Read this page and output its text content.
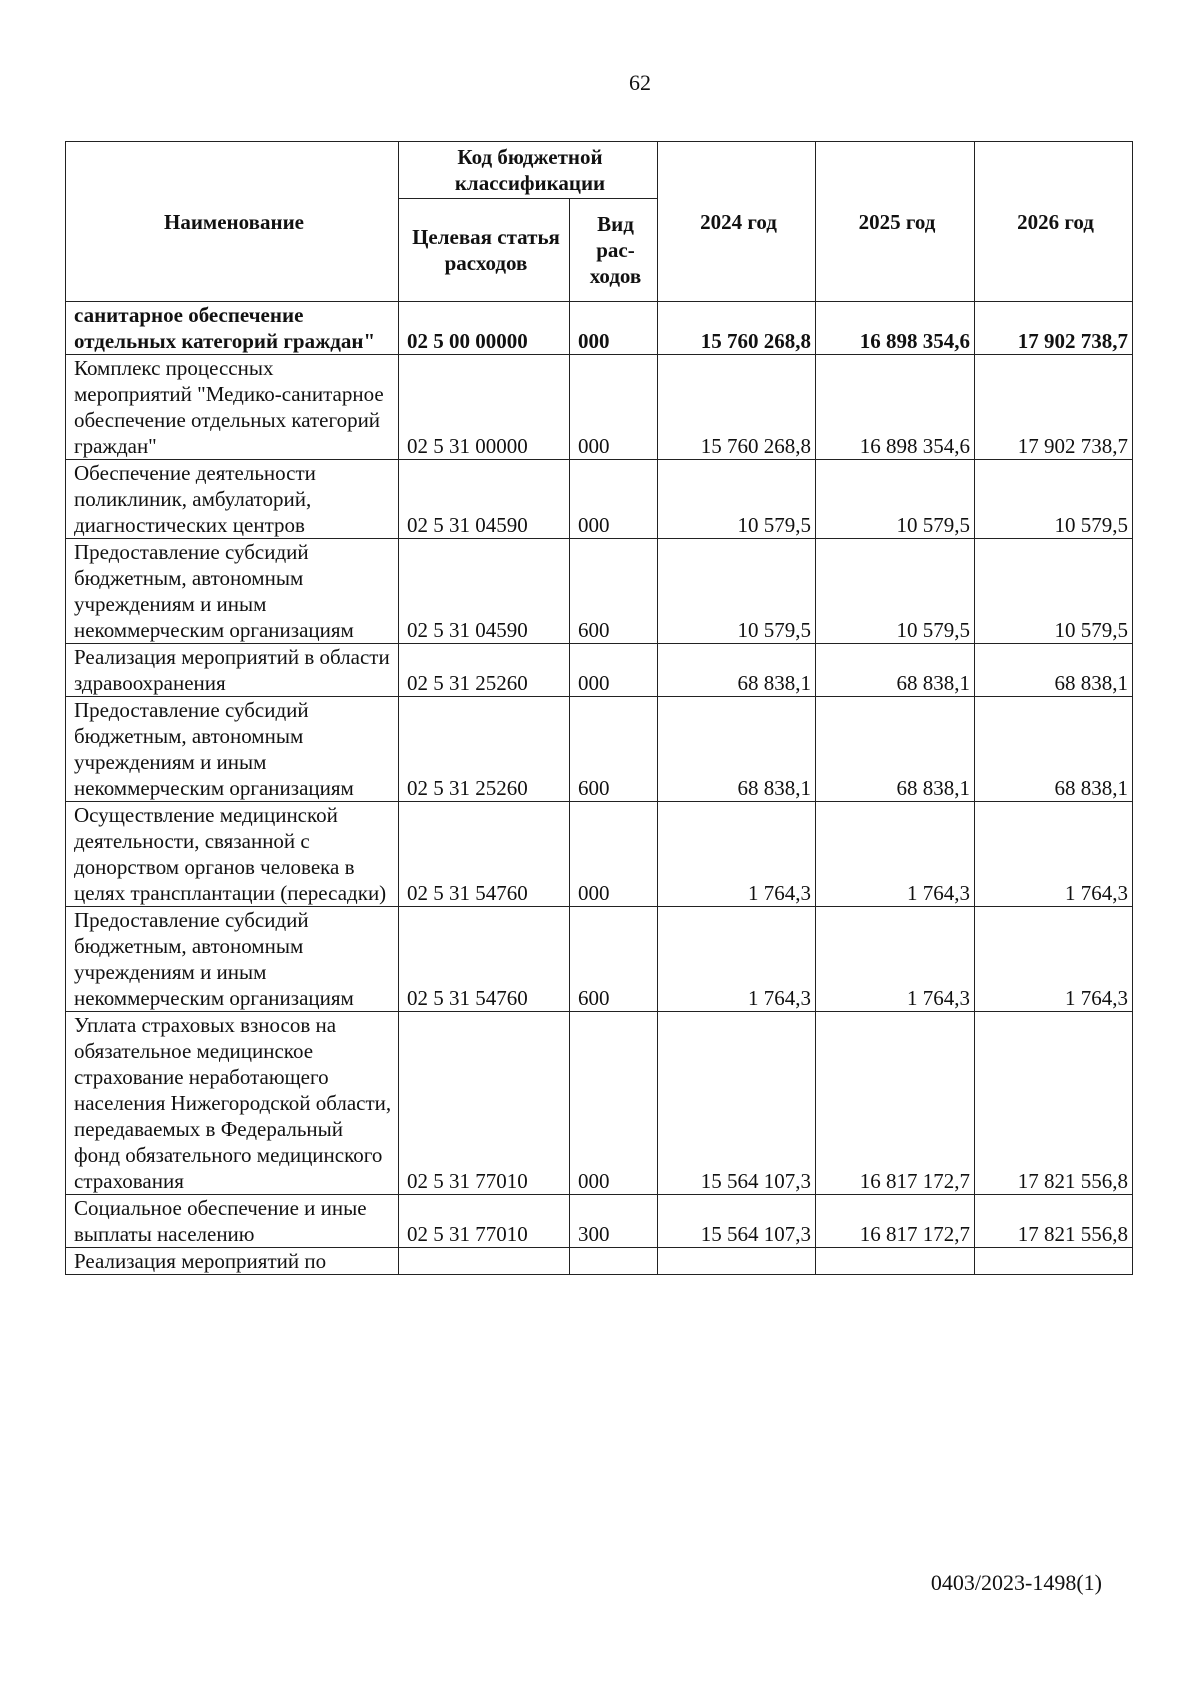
62
Наименование	Код бюджетной классификации		2024 год	2025 год	2026 год
	Целевая статья расходов	Вид рас-ходов			
санитарное обеспечение отдельных категорий граждан"	02 5 00 00000	000	15 760 268,8	16 898 354,6	17 902 738,7
Комплекс процессных мероприятий "Медико-санитарное обеспечение отдельных категорий граждан"	02 5 31 00000	000	15 760 268,8	16 898 354,6	17 902 738,7
Обеспечение деятельности поликлиник, амбулаторий, диагностических центров	02 5 31 04590	000	10 579,5	10 579,5	10 579,5
Предоставление субсидий бюджетным, автономным учреждениям и иным некоммерческим организациям	02 5 31 04590	600	10 579,5	10 579,5	10 579,5
Реализация мероприятий в области здравоохранения	02 5 31 25260	000	68 838,1	68 838,1	68 838,1
Предоставление субсидий бюджетным, автономным учреждениям и иным некоммерческим организациям	02 5 31 25260	600	68 838,1	68 838,1	68 838,1
Осуществление медицинской деятельности, связанной с донорством органов человека в целях трансплантации (пересадки)	02 5 31 54760	000	1 764,3	1 764,3	1 764,3
Предоставление субсидий бюджетным, автономным учреждениям и иным некоммерческим организациям	02 5 31 54760	600	1 764,3	1 764,3	1 764,3
Уплата страховых взносов на обязательное медицинское страхование неработающего населения Нижегородской области, передаваемых в Федеральный фонд обязательного медицинского страхования	02 5 31 77010	000	15 564 107,3	16 817 172,7	17 821 556,8
Социальное обеспечение и иные выплаты населению	02 5 31 77010	300	15 564 107,3	16 817 172,7	17 821 556,8
Реализация мероприятий по					
0403/2023-1498(1)
